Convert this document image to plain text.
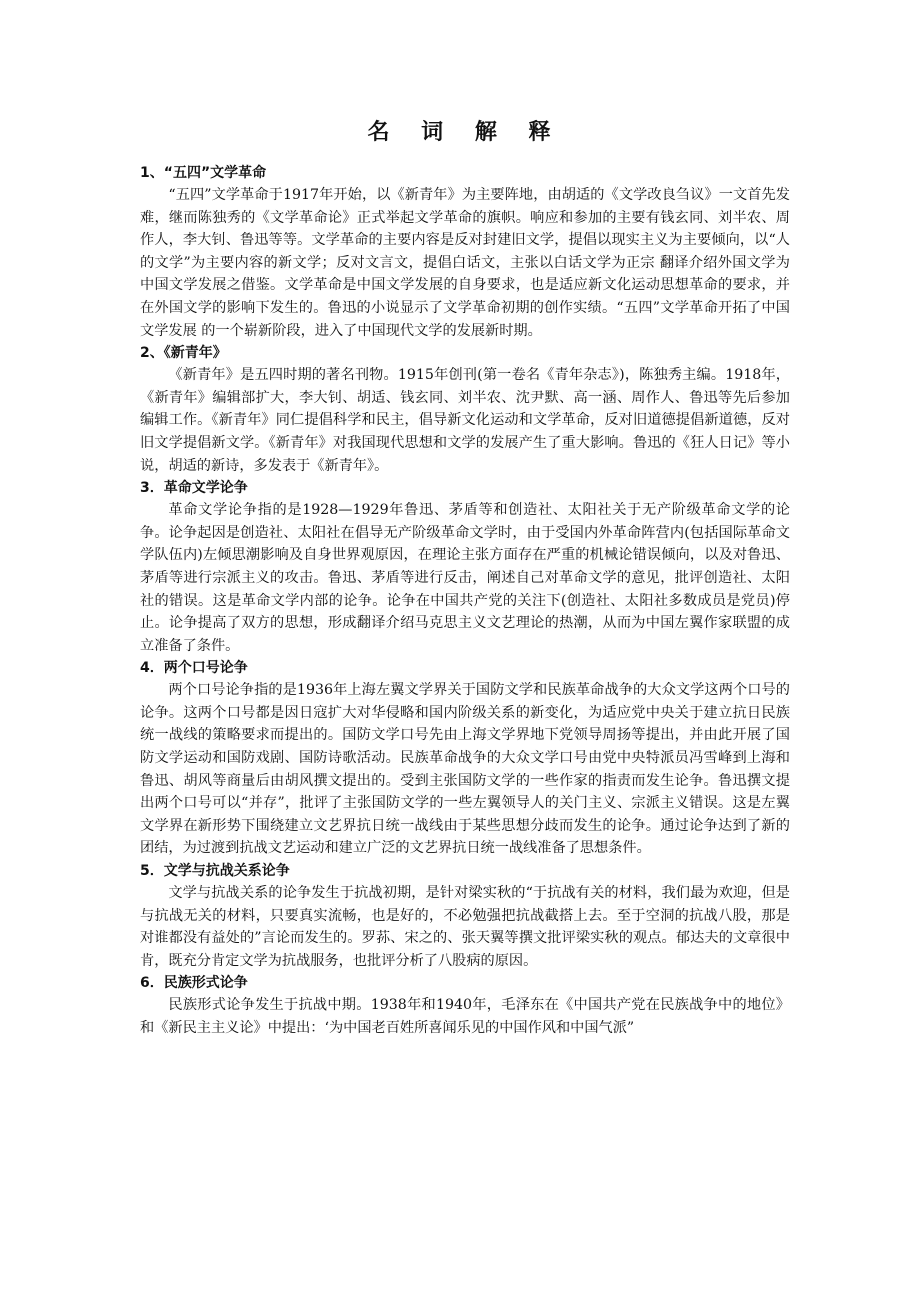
名 词 解 释

1、“五四”文学革命

“五四”文学革命于1917年开始，以《新青年》为主要阵地，由胡适的《文学改良刍议》一文首先发难，继而陈独秀的《文学革命论》正式举起文学革命的旗帜。响应和参加的主要有钱玄同、刘半农、周作人，李大钊、鲁迅等等。文学革命的主要内容是反对封建旧文学，提倡以现实主义为主要倾向，以“人的文学”为主要内容的新文学；反对文言文，提倡白话文，主张以白话文学为正宗 翻译介绍外国文学为中国文学发展之借鉴。文学革命是中国文学发展的自身要求，也是适应新文化运动思想革命的要求，并在外国文学的影响下发生的。鲁迅的小说显示了文学革命初期的创作实绩。“五四”文学革命开拓了中国文学发展 的一个崭新阶段，进入了中国现代文学的发展新时期。

2、《新青年》

《新青年》是五四时期的著名刊物。1915年创刊(第一卷名《青年杂志》)，陈独秀主编。1918年， 《新青年》编辑部扩大，李大钊、胡适、钱玄同、刘半农、沈尹默、高一涵、周作人、鲁迅等先后参加编辑工作。《新青年》同仁提倡科学和民主，倡导新文化运动和文学革命，反对旧道德提倡新道德，反对旧文学提倡新文学。《新青年》对我国现代思想和文学的发展产生了重大影响。鲁迅的《狂人日记》等小说，胡适的新诗，多发表于《新青年》。

3．革命文学论争

革命文学论争指的是1928—1929年鲁迅、茅盾等和创造社、太阳社关于无产阶级革命文学的论争。论争起因是创造社、太阳社在倡导无产阶级革命文学时，由于受国内外革命阵营内(包括国际革命文学队伍内)左倾思潮影响及自身世界观原因，在理论主张方面存在严重的机械论错误倾向，以及对鲁迅、茅盾等进行宗派主义的攻击。鲁迅、茅盾等进行反击，阐述自己对革命文学的意见，批评创造社、太阳社的错误。这是革命文学内部的论争。论争在中国共产党的关注下(创造社、太阳社多数成员是党员)停止。论争提高了双方的思想，形成翻译介绍马克思主义文艺理论的热潮，从而为中国左翼作家联盟的成立准备了条件。

4．两个口号论争

两个口号论争指的是1936年上海左翼文学界关于国防文学和民族革命战争的大众文学这两个口号的论争。这两个口号都是因日寇扩大对华侵略和国内阶级关系的新变化，为适应党中央关于建立抗日民族统一战线的策略要求而提出的。国防文学口号先由上海文学界地下党领导周扬等提出，并由此开展了国防文学运动和国防戏剧、国防诗歌活动。民族革命战争的大众文学口号由党中央特派员冯雪峰到上海和鲁迅、胡风等商量后由胡风撰文提出的。受到主张国防文学的一些作家的指责而发生论争。鲁迅撰文提出两个口号可以“并存”，批评了主张国防文学的一些左翼领导人的关门主义、宗派主义错误。这是左翼文学界在新形势下围绕建立文艺界抗日统一战线由于某些思想分歧而发生的论争。通过论争达到了新的团结，为过渡到抗战文艺运动和建立广泛的文艺界抗日统一战线准备了思想条件。

5．文学与抗战关系论争

文学与抗战关系的论争发生于抗战初期，是针对梁实秋的“于抗战有关的材料，我们最为欢迎，但是与抗战无关的材料，只要真实流畅，也是好的，不必勉强把抗战截搭上去。至于空洞的抗战八股，那是对谁都没有益处的”言论而发生的。罗荪、宋之的、张天翼等撰文批评梁实秋的观点。郁达夫的文章很中肯，既充分肯定文学为抗战服务，也批评分析了八股病的原因。

6．民族形式论争

民族形式论争发生于抗战中期。1938年和1940年，毛泽东在《中国共产党在民族战争中的地位》和《新民主主义论》中提出：‘为中国老百姓所喜闻乐见的中国作风和中国气派”
